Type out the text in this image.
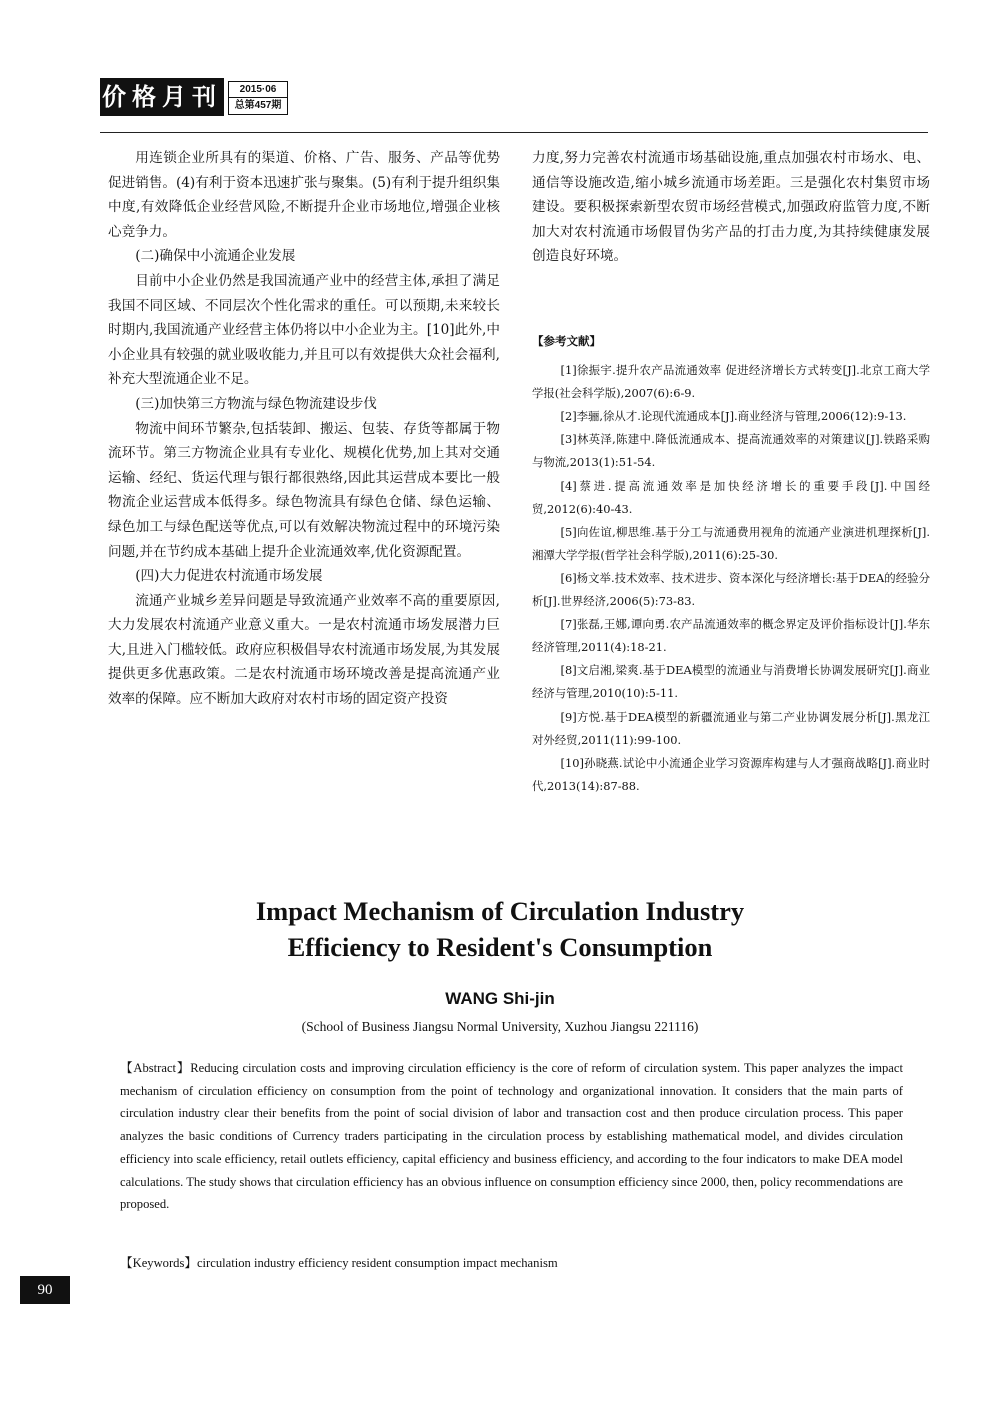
价格月刊	2015·06
总第457期

用连锁企业所具有的渠道、价格、广告、服务、产品等优势促进销售。(4)有利于资本迅速扩张与聚集。(5)有利于提升组织集中度,有效降低企业经营风险,不断提升企业市场地位,增强企业核心竞争力。

(二)确保中小流通企业发展

目前中小企业仍然是我国流通产业中的经营主体,承担了满足我国不同区域、不同层次个性化需求的重任。可以预期,未来较长时期内,我国流通产业经营主体仍将以中小企业为主。[10]此外,中小企业具有较强的就业吸收能力,并且可以有效提供大众社会福利,补充大型流通企业不足。

(三)加快第三方物流与绿色物流建设步伐

物流中间环节繁杂,包括装卸、搬运、包装、存货等都属于物流环节。第三方物流企业具有专业化、规模化优势,加上其对交通运输、经纪、货运代理与银行都很熟络,因此其运营成本要比一般物流企业运营成本低得多。绿色物流具有绿色仓储、绿色运输、绿色加工与绿色配送等优点,可以有效解决物流过程中的环境污染问题,并在节约成本基础上提升企业流通效率,优化资源配置。

(四)大力促进农村流通市场发展

流通产业城乡差异问题是导致流通产业效率不高的重要原因,大力发展农村流通产业意义重大。一是农村流通市场发展潜力巨大,且进入门槛较低。政府应积极倡导农村流通市场发展,为其发展提供更多优惠政策。二是农村流通市场环境改善是提高流通产业效率的保障。应不断加大政府对农村市场的固定资产投资

力度,努力完善农村流通市场基础设施,重点加强农村市场水、电、通信等设施改造,缩小城乡流通市场差距。三是强化农村集贸市场建设。要积极探索新型农贸市场经营模式,加强政府监管力度,不断加大对农村流通市场假冒伪劣产品的打击力度,为其持续健康发展创造良好环境。

【参考文献】

[1]徐振宇.提升农产品流通效率 促进经济增长方式转变[J].北京工商大学学报(社会科学版),2007(6):6-9.

[2]李骊,徐从才.论现代流通成本[J].商业经济与管理,2006(12):9-13.

[3]林英泽,陈建中.降低流通成本、提高流通效率的对策建议[J].铁路采购与物流,2013(1):51-54.

[4]蔡进.提高流通效率是加快经济增长的重要手段[J].中国经贸,2012(6):40-43.

[5]向佐谊,柳思维.基于分工与流通费用视角的流通产业演进机理探析[J].湘潭大学学报(哲学社会科学版),2011(6):25-30.

[6]杨文举.技术效率、技术进步、资本深化与经济增长:基于DEA的经验分析[J].世界经济,2006(5):73-83.

[7]张磊,王娜,谭向勇.农产品流通效率的概念界定及评价指标设计[J].华东经济管理,2011(4):18-21.

[8]文启湘,梁爽.基于DEA模型的流通业与消费增长协调发展研究[J].商业经济与管理,2010(10):5-11.

[9]方悦.基于DEA模型的新疆流通业与第二产业协调发展分析[J].黑龙江对外经贸,2011(11):99-100.

[10]孙晓燕.试论中小流通企业学习资源库构建与人才强商战略[J].商业时代,2013(14):87-88.

Impact Mechanism of Circulation Industry
Efficiency to Resident's Consumption
WANG Shi-jin
(School of Business Jiangsu Normal University, Xuzhou Jiangsu 221116)

【Abstract】Reducing circulation costs and improving circulation efficiency is the core of reform of circulation system. This paper analyzes the impact mechanism of circulation efficiency on consumption from the point of technology and organizational innovation. It considers that the main parts of circulation industry clear their benefits from the point of social division of labor and transaction cost and then produce circulation process. This paper analyzes the basic conditions of Currency traders participating in the circulation process by establishing mathematical model, and divides circulation efficiency into scale efficiency, retail outlets efficiency, capital efficiency and business efficiency, and according to the four indicators to make DEA model calculations. The study shows that circulation efficiency has an obvious influence on consumption efficiency since 2000, then, policy recommendations are proposed.

【Keywords】circulation industry efficiency resident consumption impact mechanism
90
